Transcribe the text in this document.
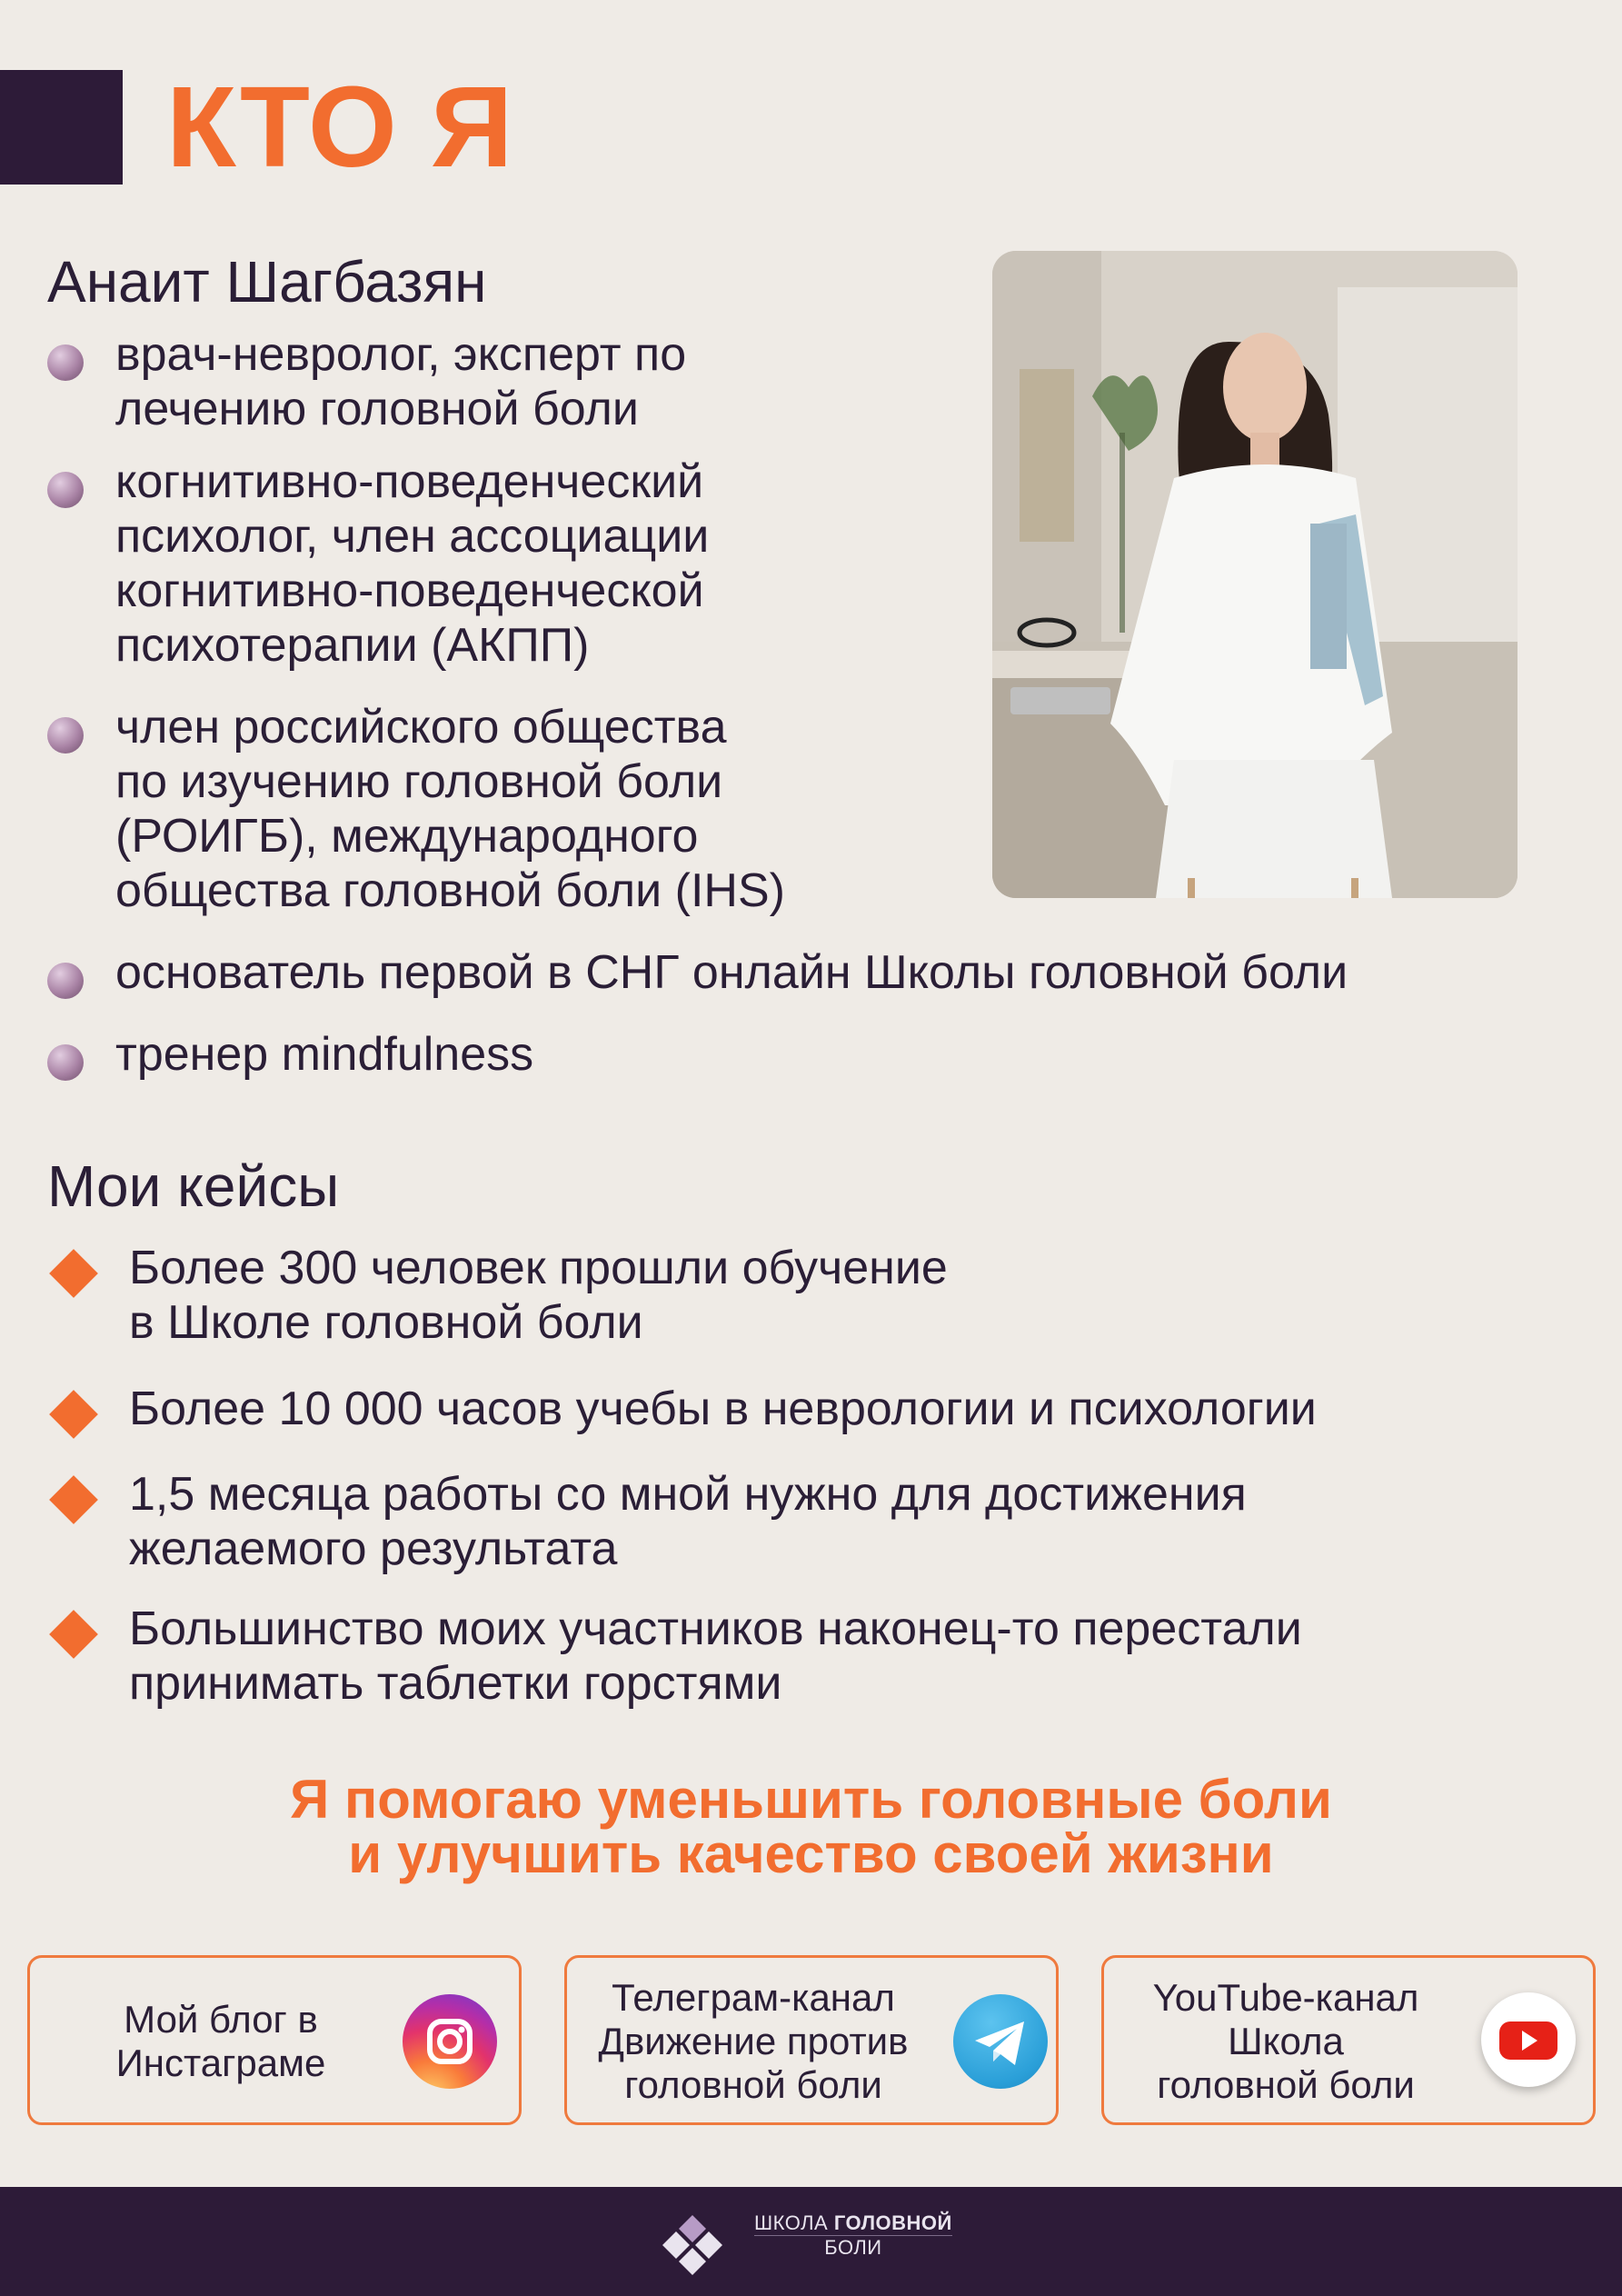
КТО Я
Анаит Шагбазян
врач-невролог, эксперт по
лечению головной боли
когнитивно-поведенческий
психолог, член ассоциации
когнитивно-поведенческой
психотерапии (АКПП)
член российского общества
по изучению головной боли
(РОИГБ), международного
общества головной боли (IHS)
основатель первой в СНГ онлайн Школы головной боли
тренер mindfulness
Мои кейсы
Более 300 человек прошли обучение
в Школе головной боли
Более 10 000 часов учебы в неврологии и психологии
1,5 месяца работы со мной нужно для достижения
желаемого результата
Большинство моих участников наконец-то перестали
принимать таблетки горстями
Я помогаю уменьшить головные боли
и улучшить качество своей жизни
Мой блог в
Инстаграме
Телеграм-канал
Движение против
головной боли
YouTube-канал
Школа
головной боли
ШКОЛА ГОЛОВНОЙ
БОЛИ
